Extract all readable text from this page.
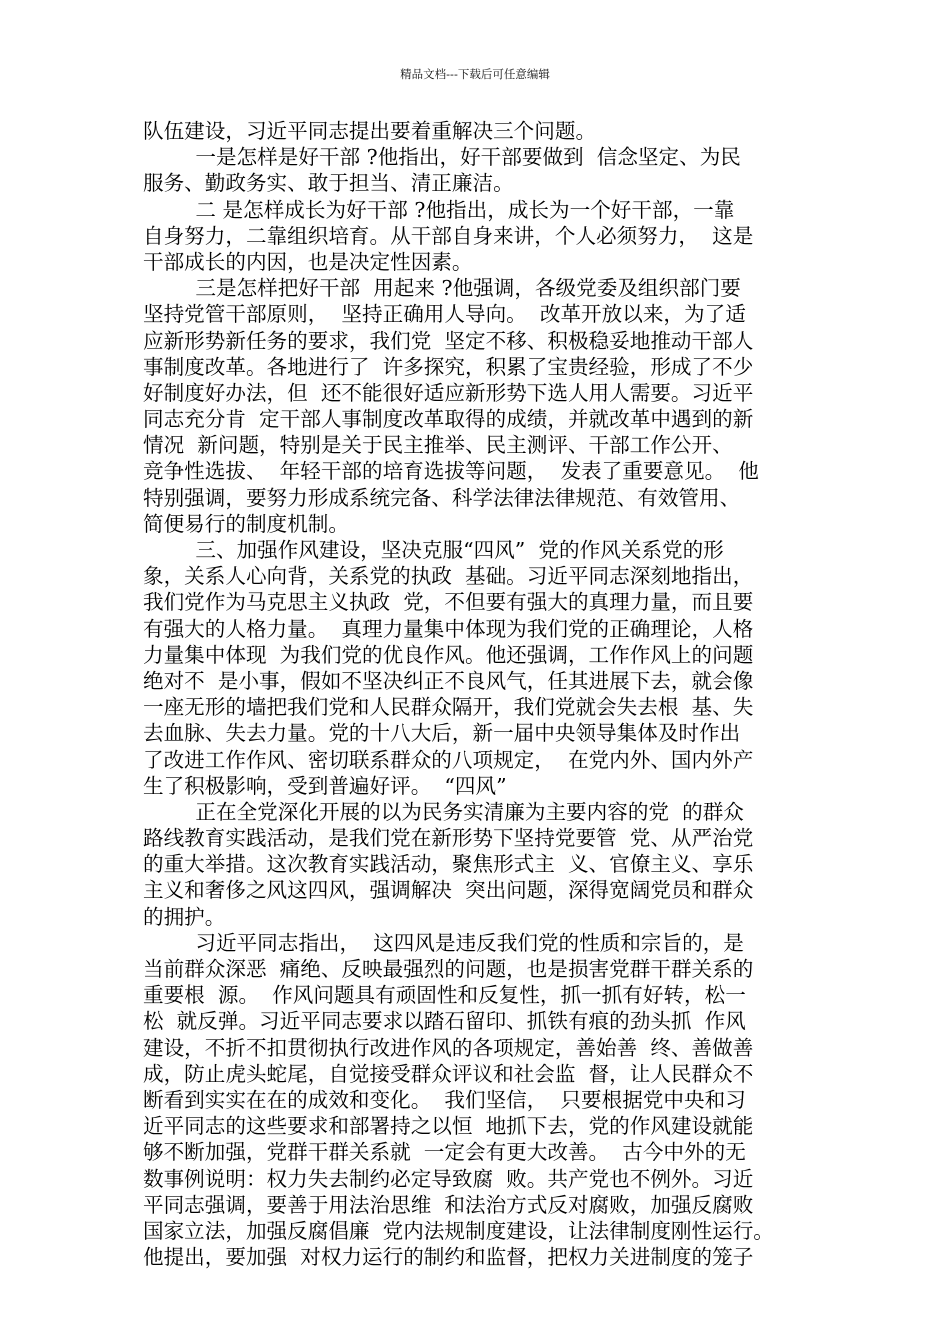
精品文档---下载后可任意编辑
队伍建设，习近平同志提出要着重解决三个问题。
一是怎样是好干部 ?他指出，好干部要做到  信念坚定、为民
服务、勤政务实、敢于担当、清正廉洁。
二 是怎样成长为好干部 ?他指出，成长为一个好干部，一靠
自身努力，二靠组织培育。从干部自身来讲，个人必须努力，  这是
干部成长的内因，也是决定性因素。
三是怎样把好干部  用起来 ?他强调，各级党委及组织部门要
坚持党管干部原则，  坚持正确用人导向。  改革开放以来，为了适
应新形势新任务的要求，我们党  坚定不移、积极稳妥地推动干部人
事制度改革。各地进行了  许多探究，积累了宝贵经验，形成了不少
好制度好办法，但  还不能很好适应新形势下选人用人需要。习近平
同志充分肯  定干部人事制度改革取得的成绩，并就改革中遇到的新
情况  新问题，特别是关于民主推举、民主测评、干部工作公开、
竞争性选拔、  年轻干部的培育选拔等问题，  发表了重要意见。  他
特别强调，要努力形成系统完备、科学法律法律规范、有效管用、
简便易行的制度机制。
三、加强作风建设，坚决克服“四风”  党的作风关系党的形
象，关系人心向背，关系党的执政  基础。习近平同志深刻地指出，
我们党作为马克思主义执政  党，不但要有强大的真理力量，而且要
有强大的人格力量。  真理力量集中体现为我们党的正确理论，人格
力量集中体现  为我们党的优良作风。他还强调，工作作风上的问题
绝对不  是小事，假如不坚决纠正不良风气，任其进展下去，就会像
一座无形的墙把我们党和人民群众隔开，我们党就会失去根  基、失
去血脉、失去力量。党的十八大后，新一届中央领导集体及时作出
了改进工作作风、密切联系群众的八项规定，  在党内外、国内外产
生了积极影响，受到普遍好评。  “四风”
正在全党深化开展的以为民务实清廉为主要内容的党  的群众
路线教育实践活动，是我们党在新形势下坚持党要管  党、从严治党
的重大举措。这次教育实践活动，聚焦形式主  义、官僚主义、享乐
主义和奢侈之风这四风，强调解决  突出问题，深得宽阔党员和群众
的拥护。
习近平同志指出，  这四风是违反我们党的性质和宗旨的，是
当前群众深恶  痛绝、反映最强烈的问题，也是损害党群干群关系的
重要根  源。  作风问题具有顽固性和反复性，抓一抓有好转，松一
松  就反弹。习近平同志要求以踏石留印、抓铁有痕的劲头抓  作风
建设，不折不扣贯彻执行改进作风的各项规定，善始善  终、善做善
成，防止虎头蛇尾，自觉接受群众评议和社会监  督，让人民群众不
断看到实实在在的成效和变化。  我们坚信，  只要根据党中央和习
近平同志的这些要求和部署持之以恒  地抓下去，党的作风建设就能
够不断加强，党群干群关系就  一定会有更大改善。  古今中外的无
数事例说明：权力失去制约必定导致腐  败。共产党也不例外。习近
平同志强调，要善于用法治思维  和法治方式反对腐败，加强反腐败
国家立法，加强反腐倡廉  党内法规制度建设，让法律制度刚性运行。
他提出，要加强  对权力运行的制约和监督，把权力关进制度的笼子
